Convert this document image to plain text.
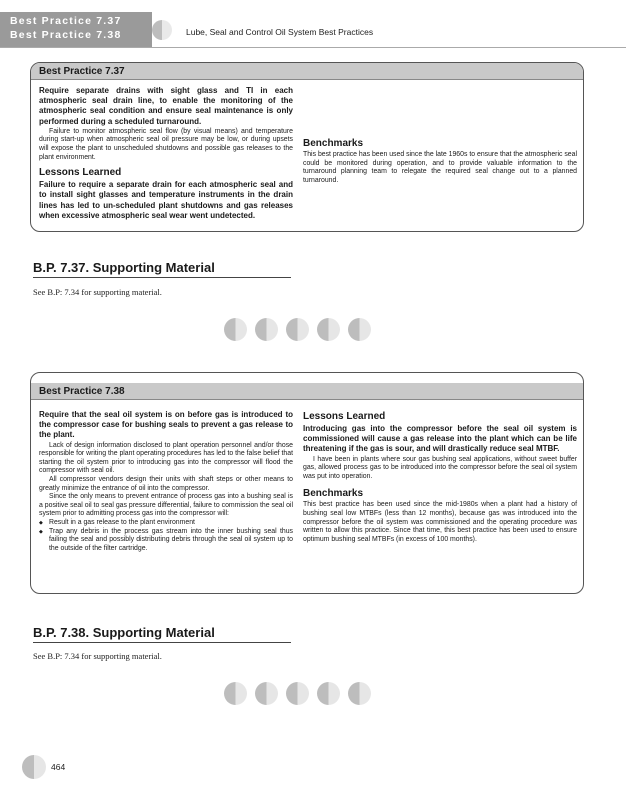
Best Practice 7.37
Best Practice 7.38	Lube, Seal and Control Oil System Best Practices
Best Practice 7.37
Require separate drains with sight glass and TI in each atmospheric seal drain line, to enable the monitoring of the atmospheric seal condition and ensure seal maintenance is only performed during a scheduled turnaround.
Failure to monitor atmospheric seal flow (by visual means) and temperature during start-up when atmospheric seal oil pressure may be low, or during upsets will expose the plant to unscheduled shutdowns and possible gas releases to the plant environment.
Lessons Learned
Failure to require a separate drain for each atmospheric seal and to install sight glasses and temperature instruments in the drain lines has led to un-scheduled plant shutdowns and gas releases when excessive atmospheric seal wear went undetected.
Benchmarks
This best practice has been used since the late 1960s to ensure that the atmospheric seal could be monitored during operation, and to provide valuable information to the turnaround planning team to relegate the required seal change out to a planned turnaround.
B.P. 7.37. Supporting Material
See B.P: 7.34 for supporting material.
Best Practice 7.38
Require that the seal oil system is on before gas is introduced to the compressor case for bushing seals to prevent a gas release to the plant.
Lack of design information disclosed to plant operation personnel and/or those responsible for writing the plant operating procedures has led to the false belief that starting the oil system prior to introducing gas into the compressor will flood the compressor with seal oil.
All compressor vendors design their units with shaft steps or other means to greatly minimize the entrance of oil into the compressor.
Since the only means to prevent entrance of process gas into a bushing seal is a positive seal oil to seal gas pressure differential, failure to commission the seal oil system prior to admitting process gas into the compressor will:
◆ Result in a gas release to the plant environment
◆ Trap any debris in the process gas stream into the inner bushing seal thus failing the seal and possibly distributing debris through the seal oil system up to the outside of the filter cartridge.
Lessons Learned
Introducing gas into the compressor before the seal oil system is commissioned will cause a gas release into the plant which can be life threatening if the gas is sour, and will drastically reduce seal MTBF.
I have been in plants where sour gas bushing seal applications, without sweet buffer gas, allowed process gas to be introduced into the compressor before the seal oil system was put into operation.
Benchmarks
This best practice has been used since the mid-1980s when a plant had a history of bushing seal low MTBFs (less than 12 months), because gas was introduced into the compressor before the oil system was commissioned and the operating procedure was written to allow this practice. Since that time, this best practice has been used to ensure optimum bushing seal MTBFs (in excess of 100 months).
B.P. 7.38. Supporting Material
See B.P: 7.34 for supporting material.
464
